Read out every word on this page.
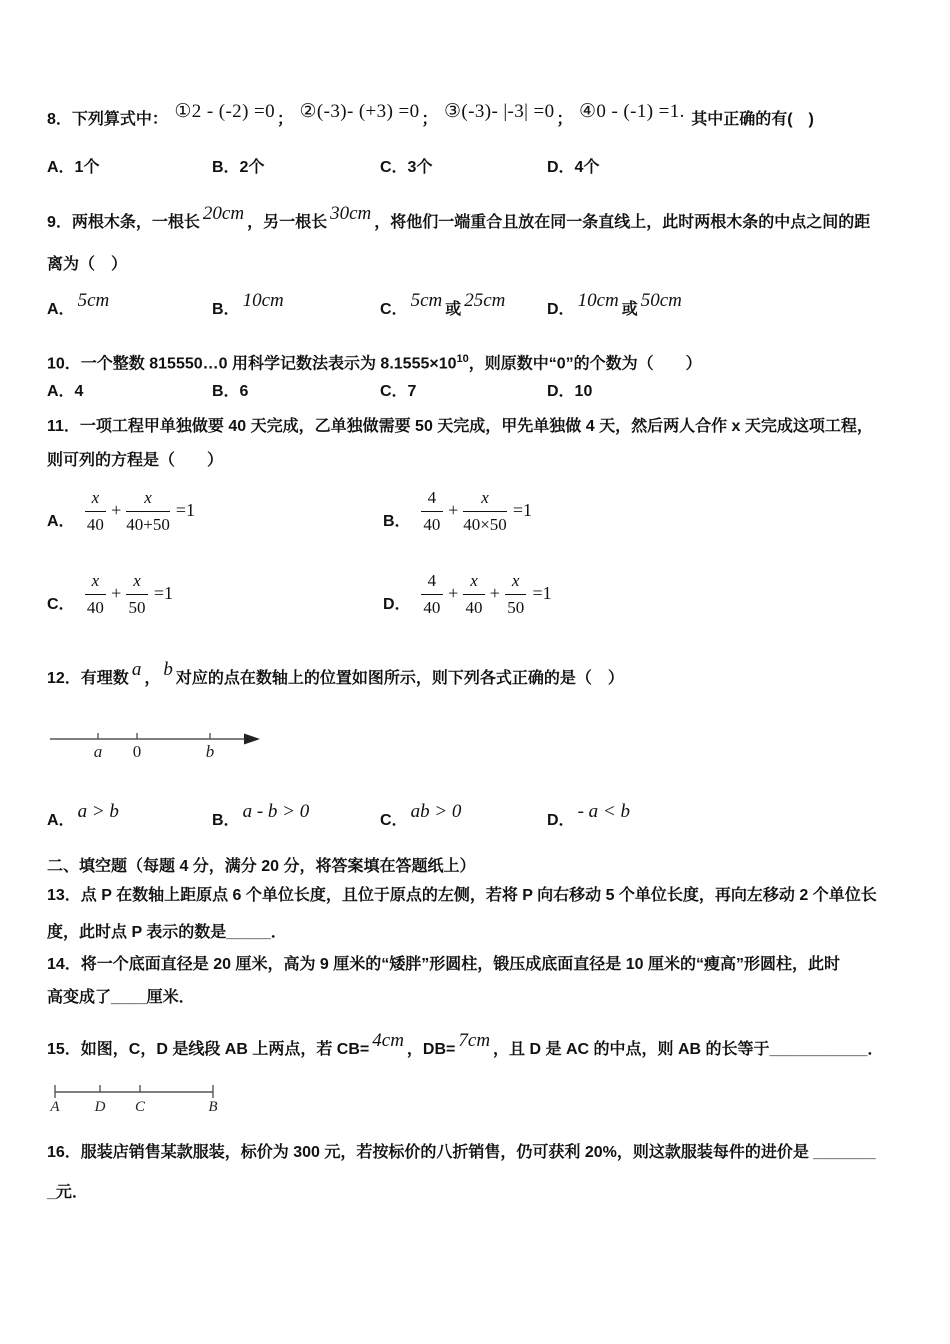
8．下列算式中： ①2 - (-2) =0 ； ②(-3)- (+3) =0 ； ③(-3)- |-3| =0 ； ④0 - (-1) =1. 其中正确的有(　)
A．1个	B．2个	C．3个	D．4个
9．两根木条，一根长 20cm ，另一根长 30cm ，将他们一端重合且放在同一条直线上，此时两根木条的中点之间的距
离为（　）
A． 5cm	B． 10cm	C． 5cm 或 25cm	D． 10cm 或 50cm
10．一个整数 815550…0 用科学记数法表示为 $8.1555\times 10^{10}$，则原数中“0”的个数为（　　）
A．4	B．6	C．7	D．10
11．一项工程甲单独做要 40 天完成，乙单独做需要 50 天完成，甲先单独做 4 天，然后两人合作 x 天完成这项工程，
则可列的方程是（　　）
A． $\frac{x}{40} + \frac{x}{40+50} =1$
B． $\frac{4}{40} + \frac{x}{40\times 50} =1$
C． $\frac{x}{40} + \frac{x}{50} =1$
D． $\frac{4}{40} + \frac{x}{40} + \frac{x}{50} =1$
12．有理数 a ， b 对应的点在数轴上的位置如图所示，则下列各式正确的是（　）
a 0	b
A． a > b	B． a - b > 0	C． ab > 0	D． - a < b
二、填空题（每题 4 分，满分 20 分，将答案填在答题纸上）
13．点 P 在数轴上距原点 6 个单位长度，且位于原点的左侧，若将 P 向右移动 5 个单位长度，再向左移动 2 个单位长
度，此时点 P 表示的数是_____．
14．将一个底面直径是 20 厘米，高为 9 厘米的“矮胖”形圆柱，锻压成底面直径是 10 厘米的“瘦高”形圆柱，此时
高变成了____厘米．
15．如图，C，D 是线段 AB 上两点，若 CB= 4cm ，DB= 7cm ，且 D 是 AC 的中点，则 AB 的长等于___________．
A D C	B
16．服装店销售某款服装，标价为 300 元，若按标价的八折销售，仍可获利 20%，则这款服装每件的进价是 _______
_元．
